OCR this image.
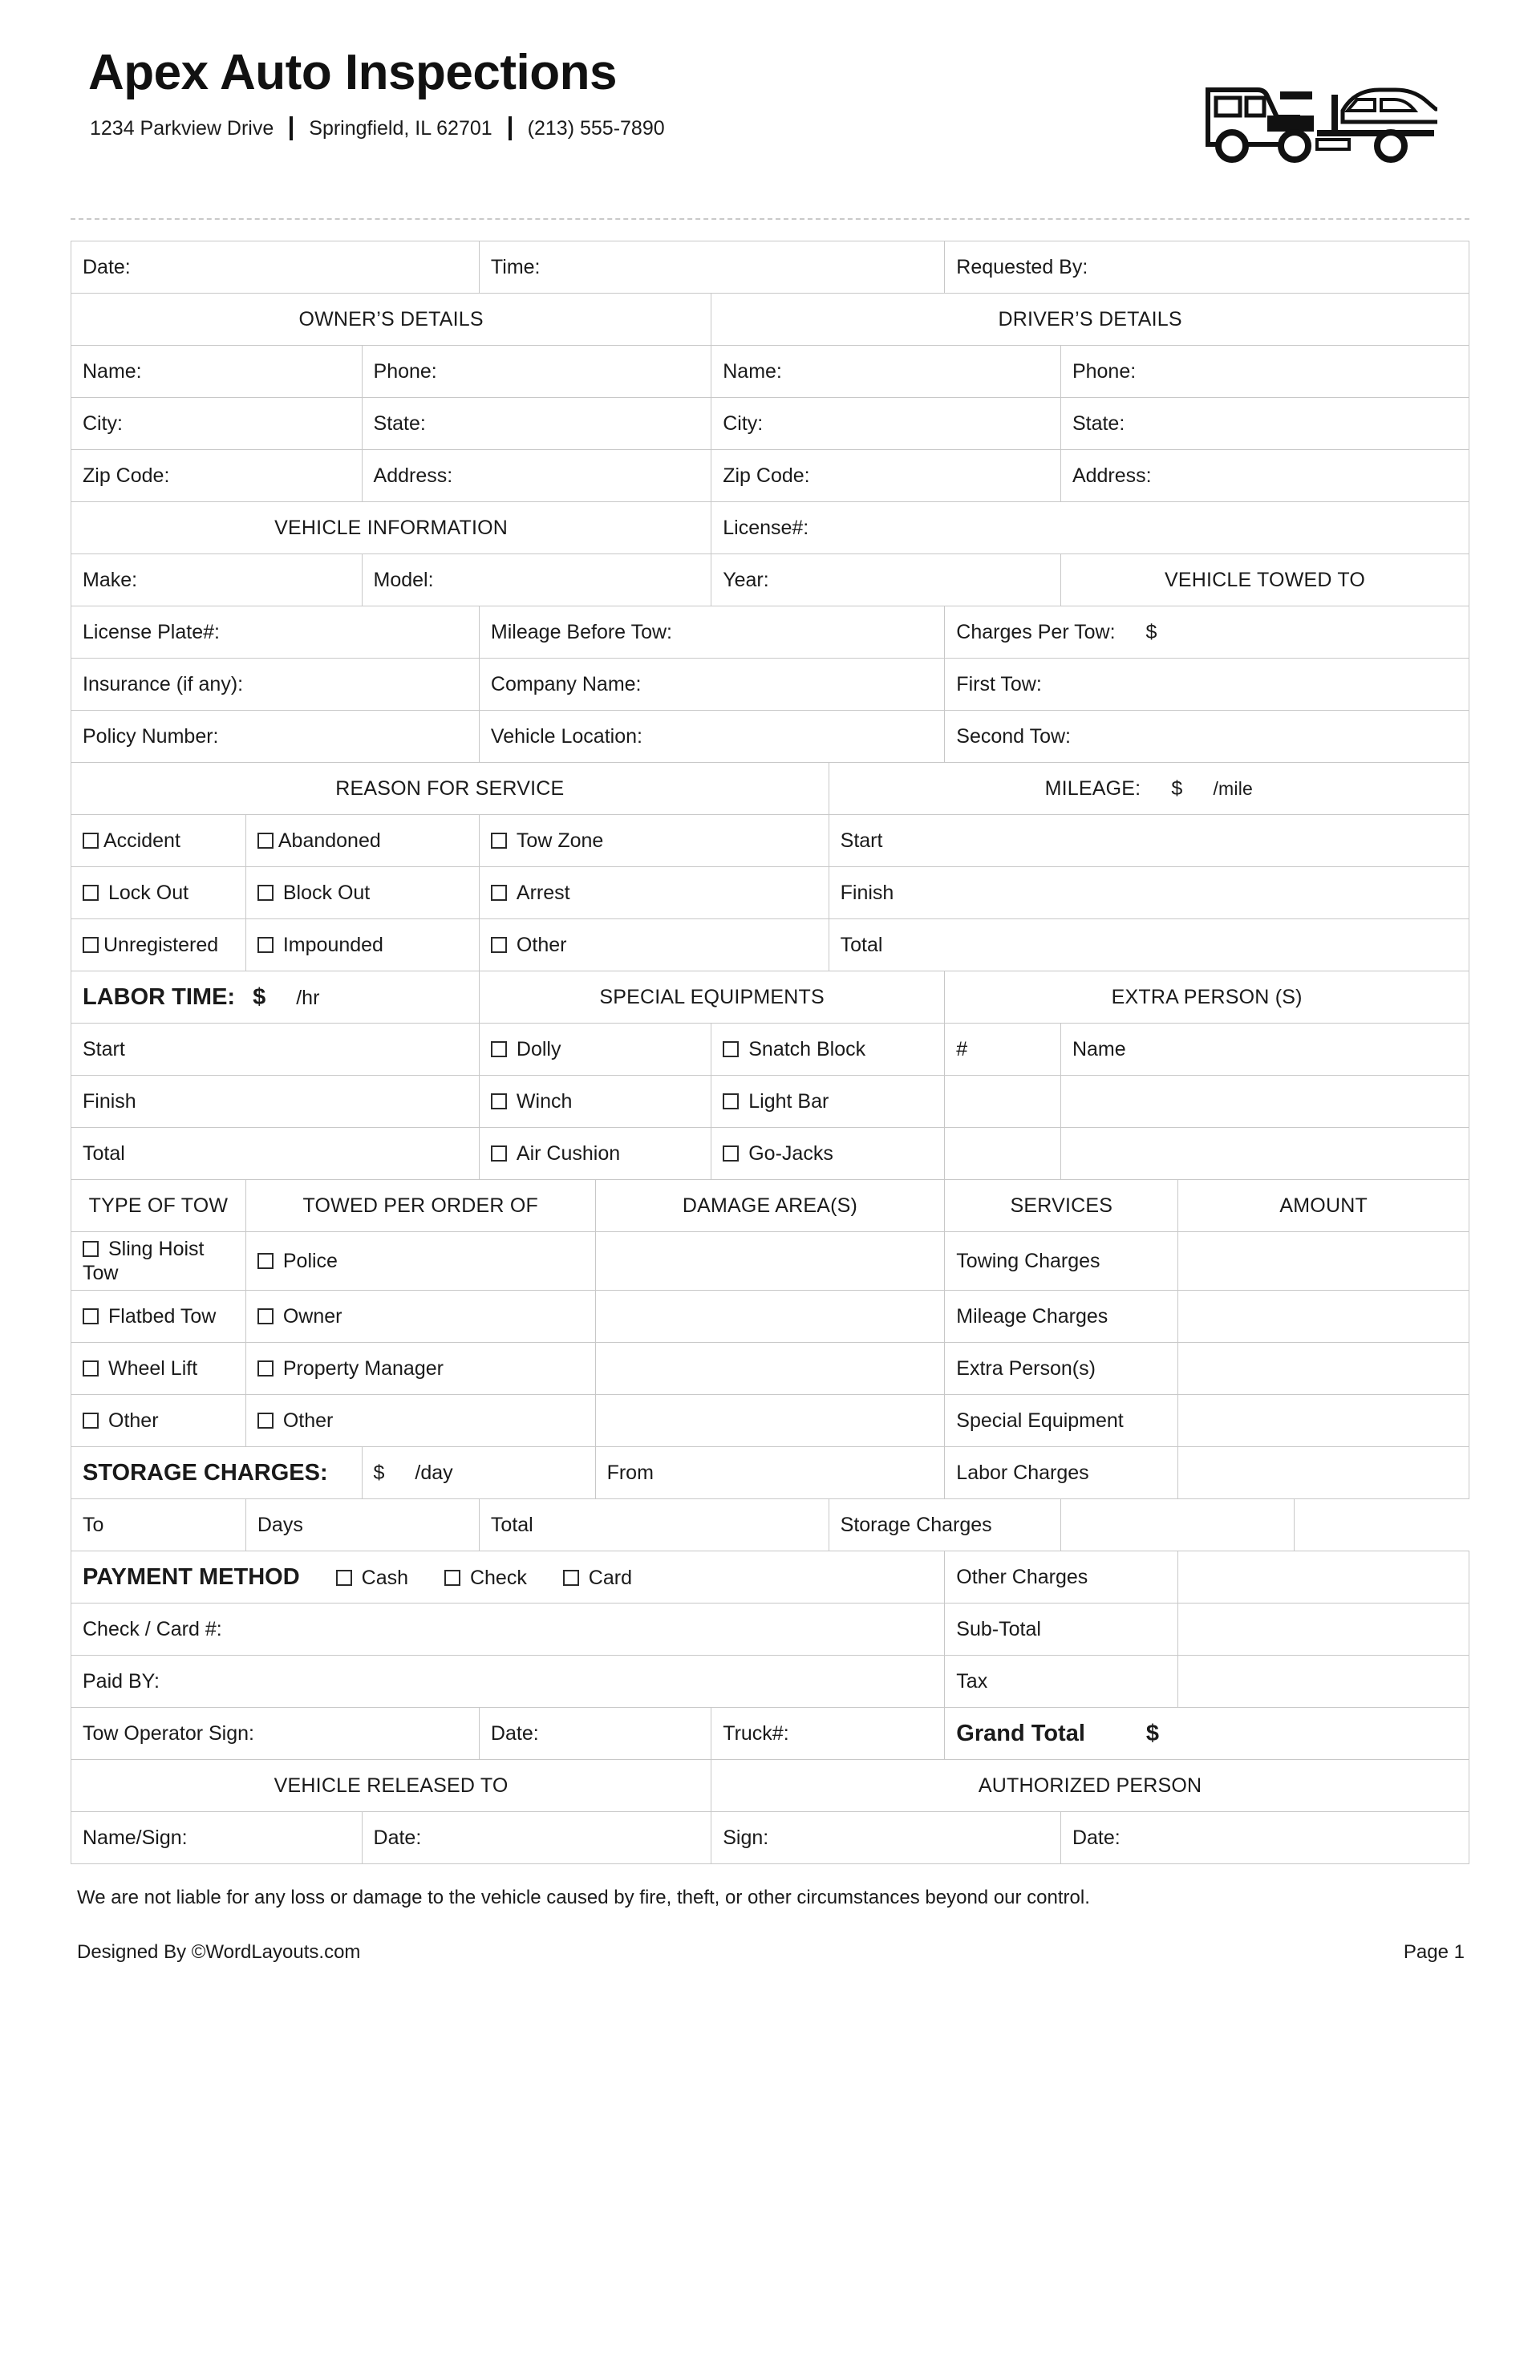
Apex Auto Inspections
1234 Parkview Drive Springfield, IL 62701 (213) 555-7890
Date:			Time:				Requested By:		
OWNER’S DETAILS					DRIVER’S DETAILS				
Name:		Phone:			Name:			Phone:	
City:		State:			City:			State:	
Zip Code:		Address:			Zip Code:			Address:	
VEHICLE INFORMATION					License#:				
Make:		Model:			Year:			VEHICLE TOWED TO	
License Plate#:			Mileage Before Tow:				Charges Per Tow: $		
Insurance (if any):			Company Name:				First Tow:		
Policy Number:			Vehicle Location:				Second Tow:		
REASON FOR SERVICE						MILEAGE: $ /mile			
Accident	Abandoned		Tow Zone			Start			
Lock Out	Block Out		Arrest			Finish			
Unregistered	Impounded		Other			Total			
LABOR TIME: $ /hr			SPECIAL EQUIPMENTS				EXTRA PERSON (S)		
Start			Dolly		Snatch Block		#	Name	
Finish			Winch		Light Bar				
Total			Air Cushion		Go-Jacks				
TYPE OF TOW	TOWED PER ORDER OF			DAMAGE AREA(S)			SERVICES		AMOUNT
Sling Hoist Tow	Police						Towing Charges		
Flatbed Tow	Owner						Mileage Charges		
Wheel Lift	Property Manager						Extra Person(s)		
Other	Other						Special Equipment		
STORAGE CHARGES:		$ /day		From			Labor Charges		
To	Days		Total			Storage Charges			
PAYMENT METHOD Cash Check Card							Other Charges		
Check / Card #:							Sub-Total		
Paid BY:							Tax		
Tow Operator Sign:			Date:		Truck#:		Grand Total $		
VEHICLE RELEASED TO					AUTHORIZED PERSON				
Name/Sign:		Date:			Sign:			Date:	
We are not liable for any loss or damage to the vehicle caused by fire, theft, or other circumstances beyond our control.
Designed By ©WordLayouts.com	Page 1
